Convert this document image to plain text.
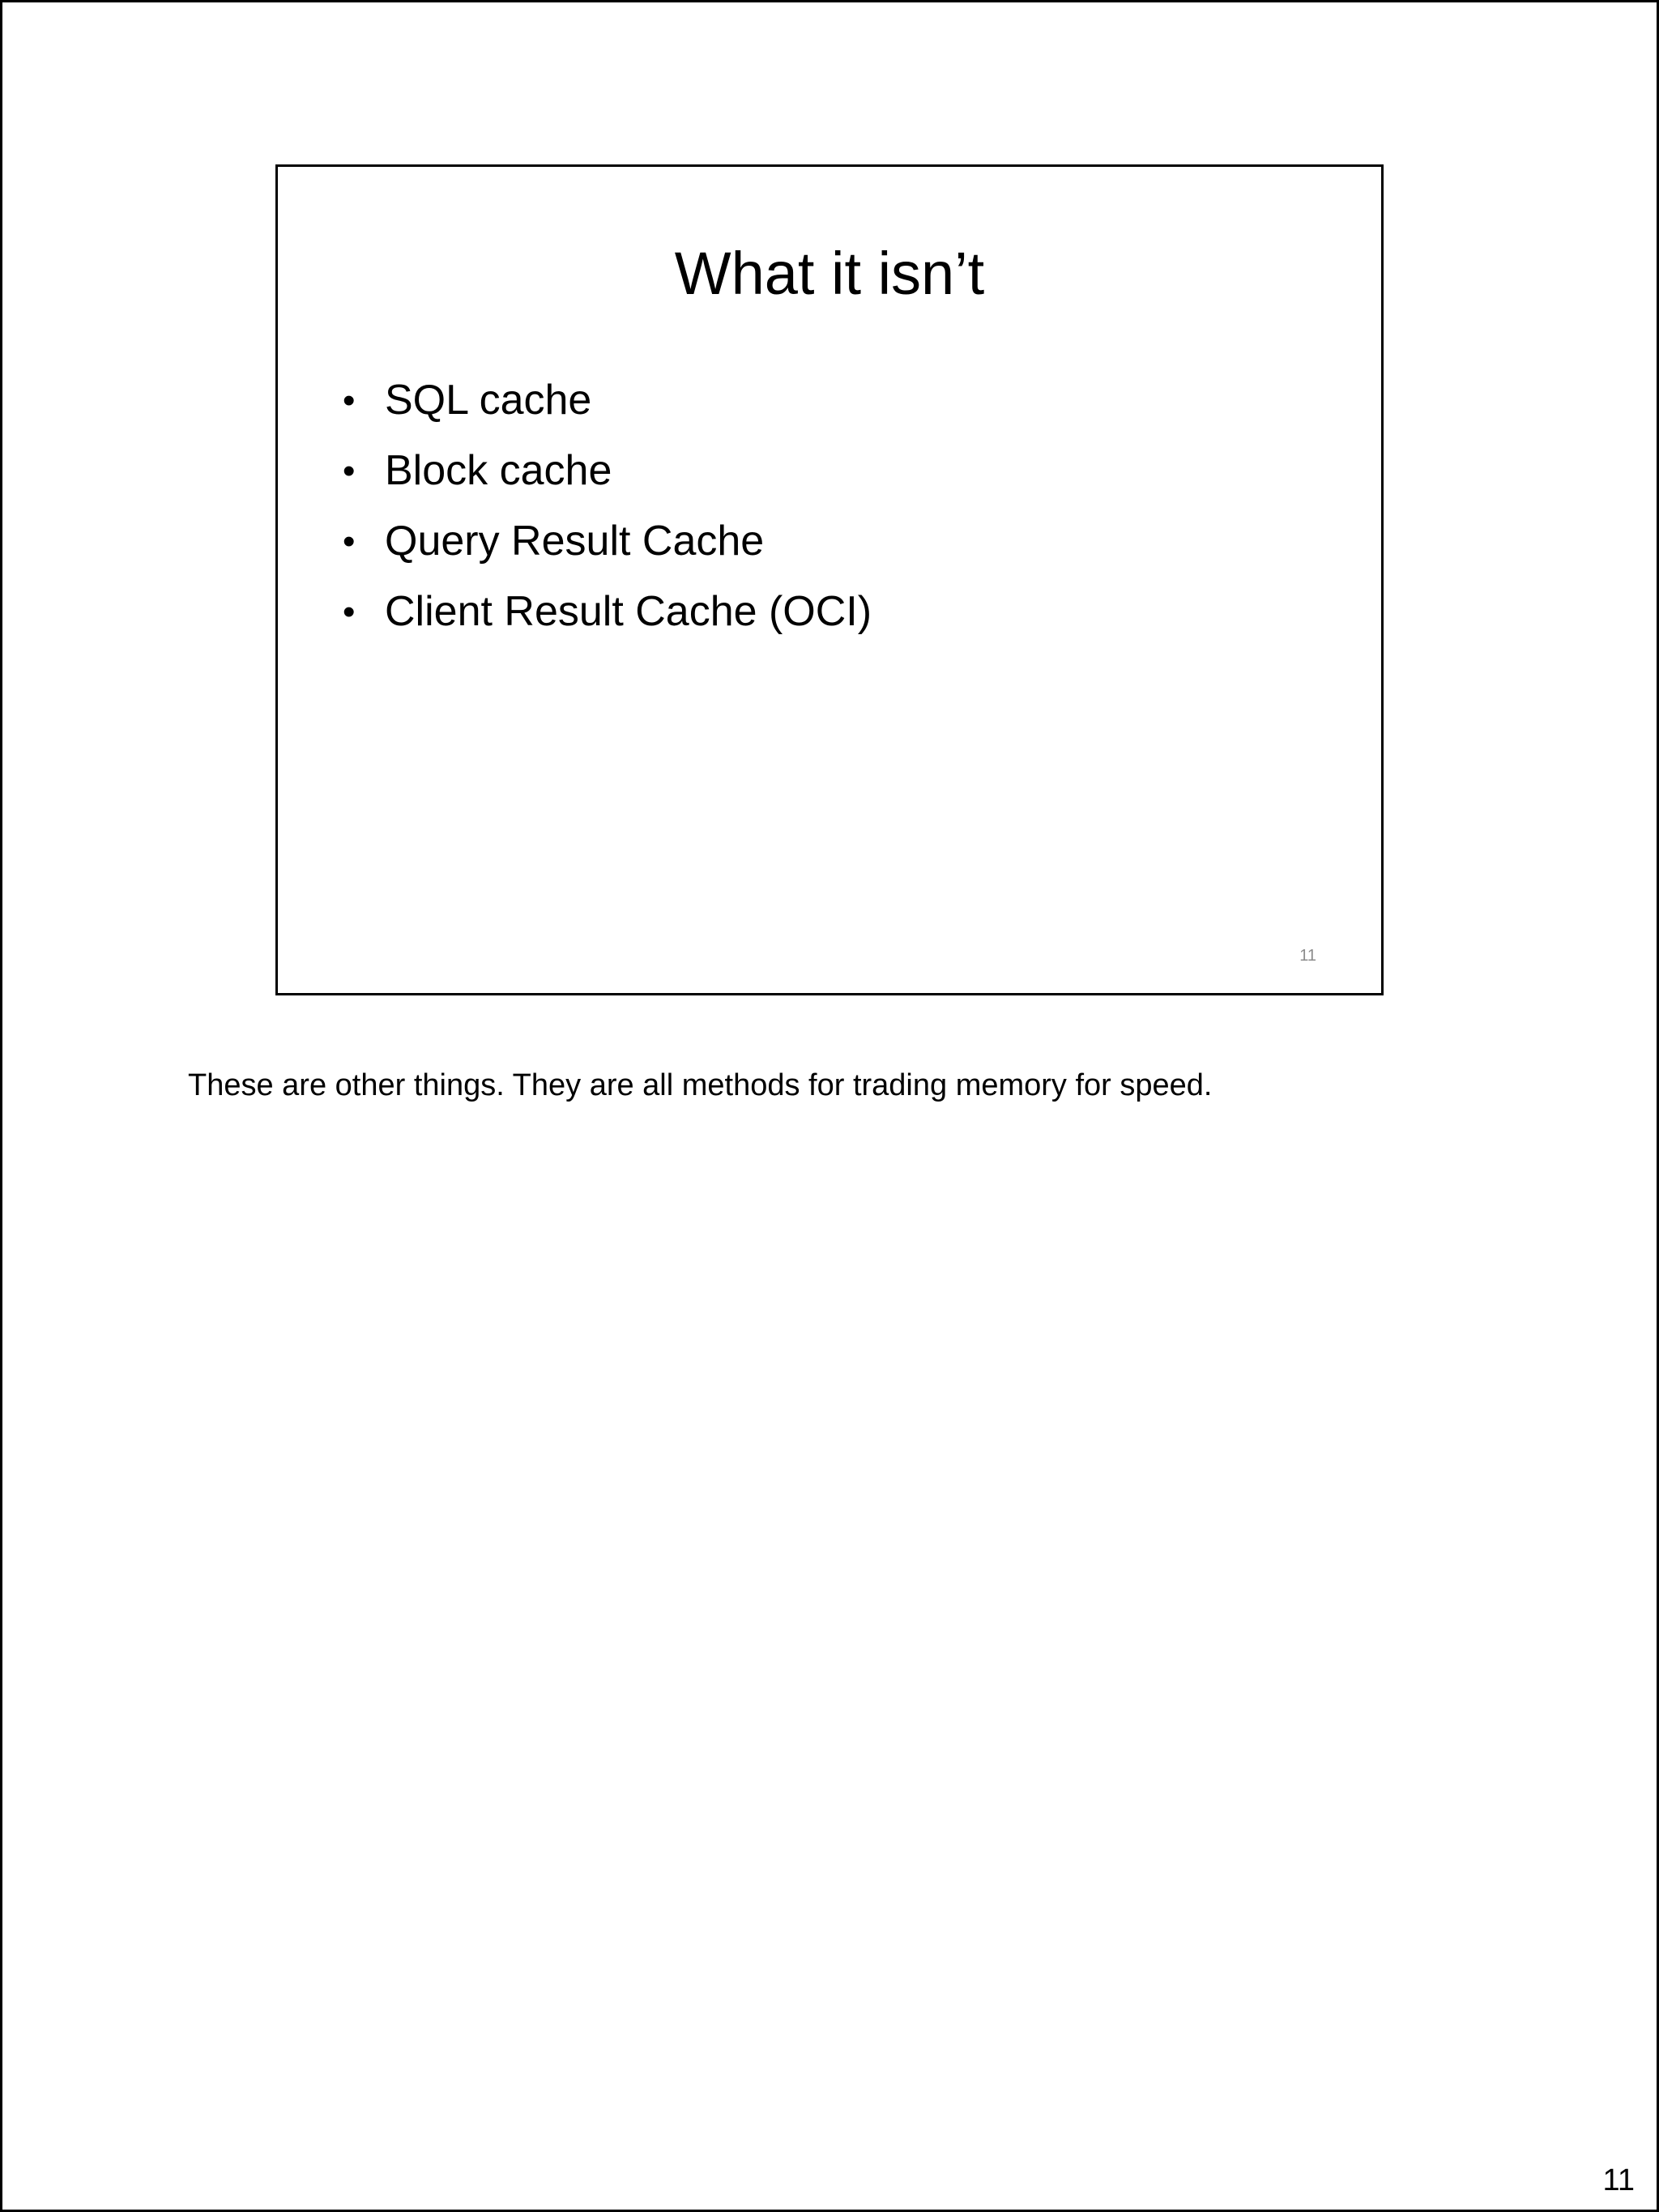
What it isn’t
• SQL cache
• Block cache
• Query Result Cache
• Client Result Cache (OCI)
11
These are other things. They are all methods for trading memory for speed.
11
